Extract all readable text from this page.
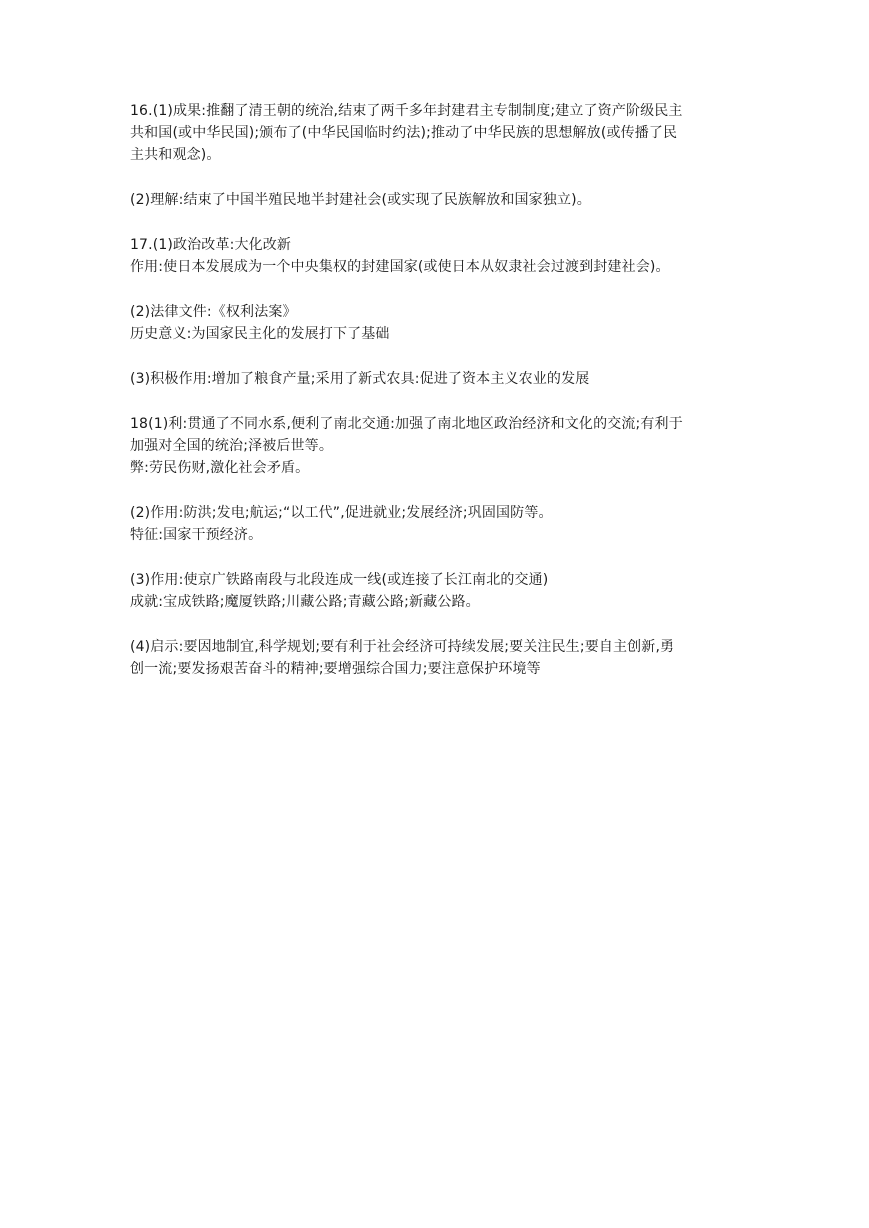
16.(1)成果:推翻了清王朝的统治,结束了两千多年封建君主专制制度;建立了资产阶级民主
共和国(或中华民国);颁布了(中华民国临时约法);推动了中华民族的思想解放(或传播了民
主共和观念)。
(2)理解:结束了中国半殖民地半封建社会(或实现了民族解放和国家独立)。
17.(1)政治改革:大化改新
作用:使日本发展成为一个中央集权的封建国家(或使日本从奴隶社会过渡到封建社会)。
(2)法律文件:《权利法案》
历史意义:为国家民主化的发展打下了基础
(3)积极作用:增加了粮食产量;采用了新式农具:促进了资本主义农业的发展
18(1)利:贯通了不同水系,便利了南北交通:加强了南北地区政治经济和文化的交流;有利于
加强对全国的统治;泽被后世等。
弊:劳民伤财,激化社会矛盾。
(2)作用:防洪;发电;航运;“以工代”,促进就业;发展经济;巩固国防等。
特征:国家干预经济。
(3)作用:使京广铁路南段与北段连成一线(或连接了长江南北的交通)
成就:宝成铁路;魔厦铁路;川藏公路;青藏公路;新藏公路。
(4)启示:要因地制宜,科学规划;要有利于社会经济可持续发展;要关注民生;要自主创新,勇
创一流;要发扬艰苦奋斗的精神;要增强综合国力;要注意保护环境等
